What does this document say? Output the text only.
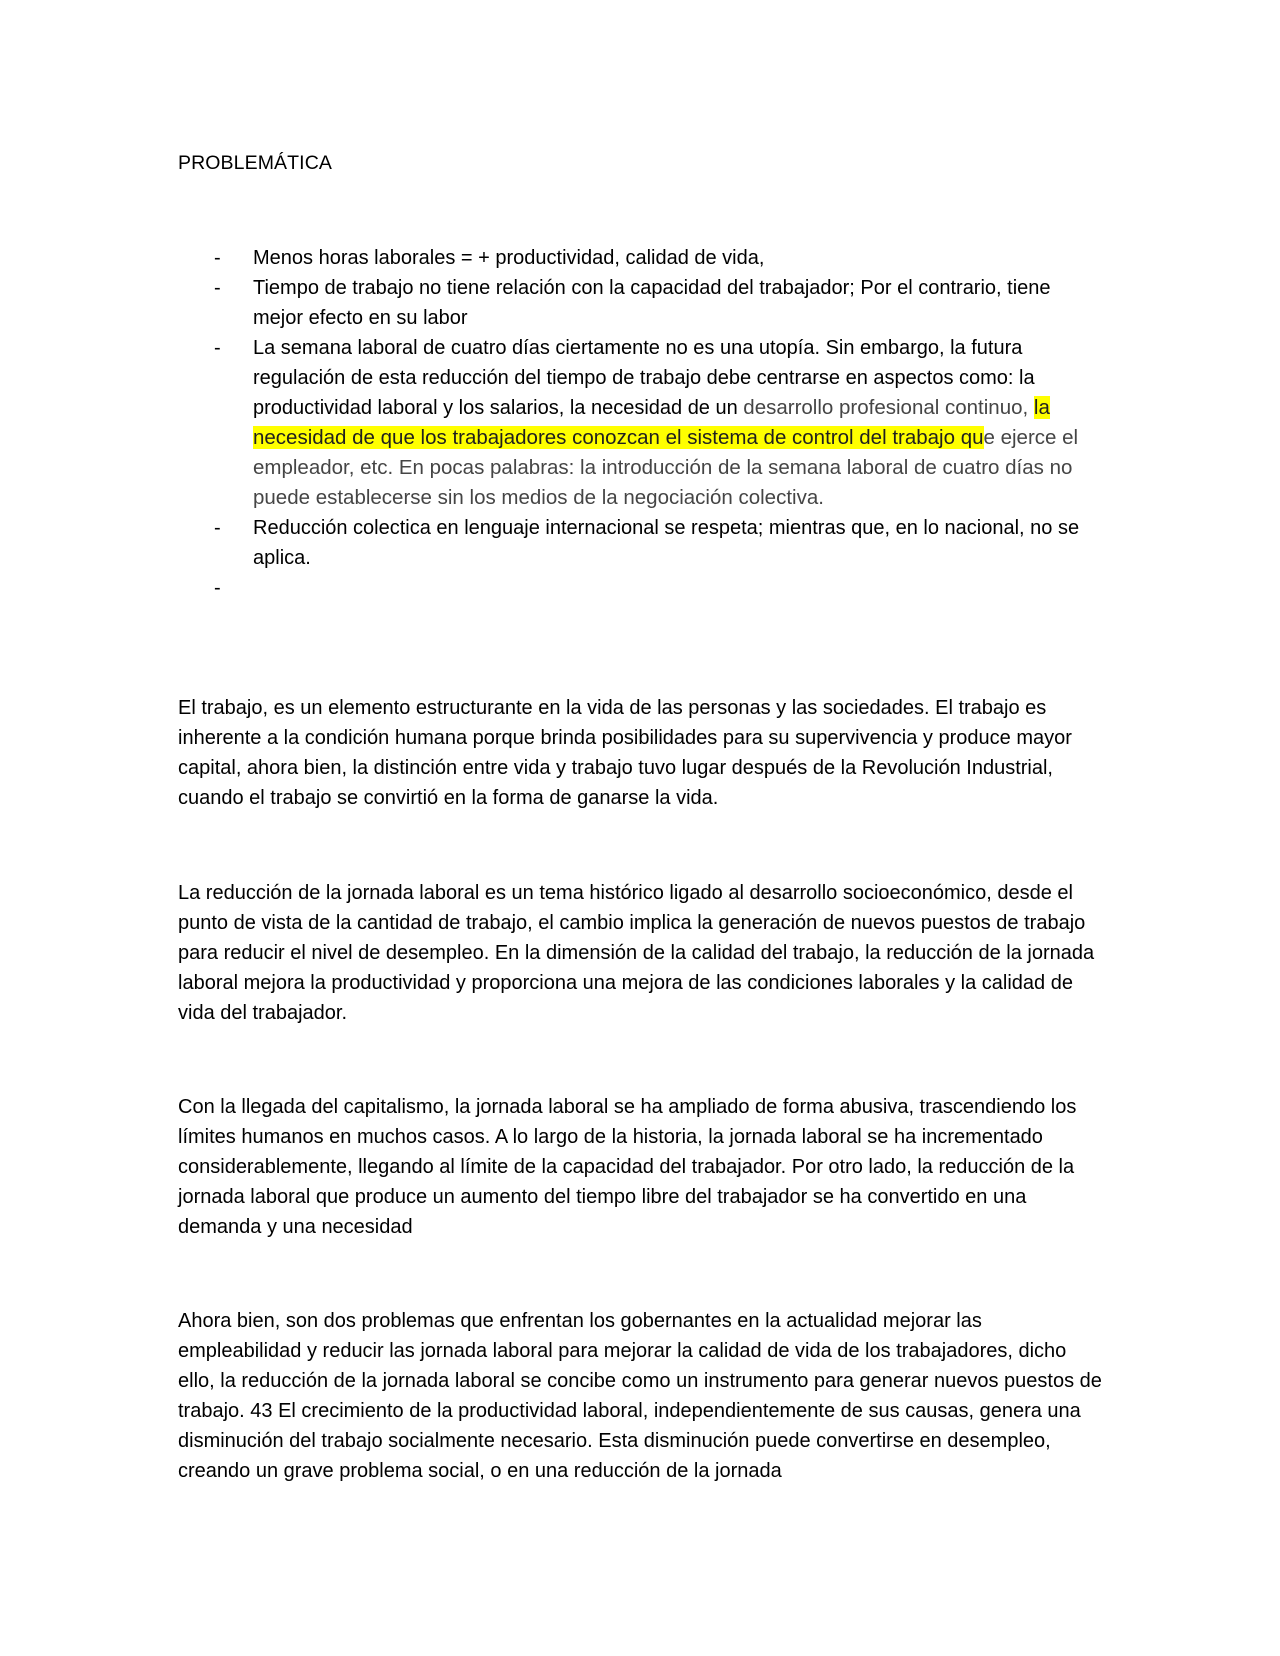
PROBLEMÁTICA
- Menos horas laborales = + productividad, calidad de vida,
- Tiempo de trabajo no tiene relación con la capacidad del trabajador; Por el contrario, tiene mejor efecto en su labor
- La semana laboral de cuatro días ciertamente no es una utopía. Sin embargo, la futura regulación de esta reducción del tiempo de trabajo debe centrarse en aspectos como: la productividad laboral y los salarios, la necesidad de un desarrollo profesional continuo, la necesidad de que los trabajadores conozcan el sistema de control del trabajo que ejerce el empleador, etc. En pocas palabras: la introducción de la semana laboral de cuatro días no puede establecerse sin los medios de la negociación colectiva.
- Reducción colectica en lenguaje internacional se respeta; mientras que, en lo nacional, no se aplica.
-

El trabajo, es un elemento estructurante en la vida de las personas y las sociedades. El trabajo es inherente a la condición humana porque brinda posibilidades para su supervivencia y produce mayor capital, ahora bien, la distinción entre vida y trabajo tuvo lugar después de la Revolución Industrial, cuando el trabajo se convirtió en la forma de ganarse la vida.

La reducción de la jornada laboral es un tema histórico ligado al desarrollo socioeconómico, desde el punto de vista de la cantidad de trabajo, el cambio implica la generación de nuevos puestos de trabajo para reducir el nivel de desempleo. En la dimensión de la calidad del trabajo, la reducción de la jornada laboral mejora la productividad y proporciona una mejora de las condiciones laborales y la calidad de vida del trabajador.

Con la llegada del capitalismo, la jornada laboral se ha ampliado de forma abusiva, trascendiendo los límites humanos en muchos casos. A lo largo de la historia, la jornada laboral se ha incrementado considerablemente, llegando al límite de la capacidad del trabajador. Por otro lado, la reducción de la jornada laboral que produce un aumento del tiempo libre del trabajador se ha convertido en una demanda y una necesidad

Ahora bien, son dos problemas que enfrentan los gobernantes en la actualidad mejorar las empleabilidad y reducir las jornada laboral para mejorar la calidad de vida de los trabajadores, dicho ello, la reducción de la jornada laboral se concibe como un instrumento para generar nuevos puestos de trabajo. 43 El crecimiento de la productividad laboral, independientemente de sus causas, genera una disminución del trabajo socialmente necesario. Esta disminución puede convertirse en desempleo, creando un grave problema social, o en una reducción de la jornada
